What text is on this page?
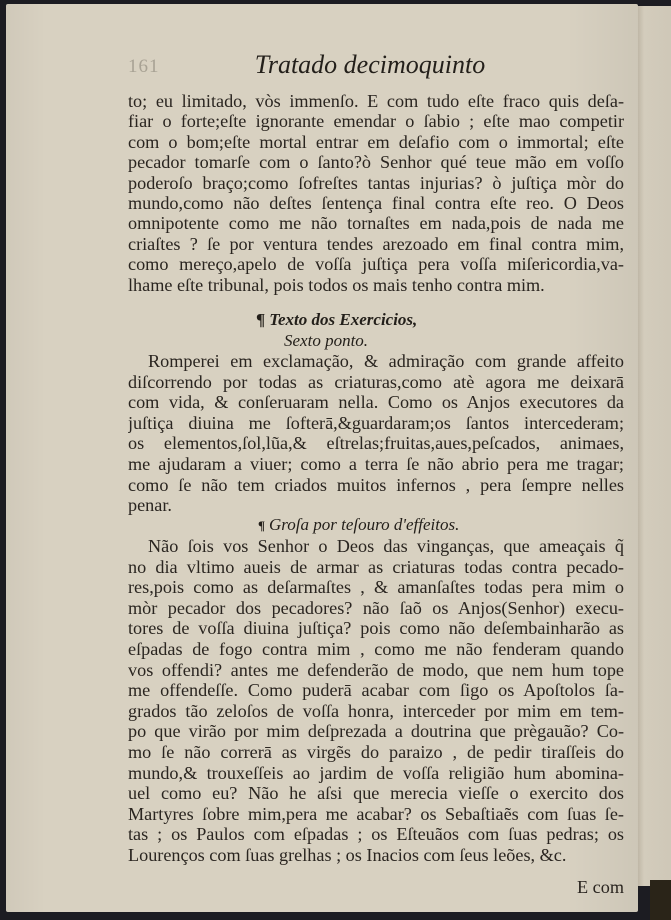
161	Tratado decimoquinto
to; eu limitado, vòs immenſo. E com tudo eſte fraco quis deſa-
fiar o forte;eſte ignorante emendar o ſabio ; eſte mao competir
com o bom;eſte mortal entrar em deſafio com o immortal; eſte
pecador tomarſe com o ſanto?ò Senhor qué teue mão em voſſo
poderoſo braço;como ſofreſtes tantas injurias? ò juſtiça mòr do
mundo,como não deſtes ſentença final contra eſte reo. O Deos
omnipotente como me não tornaſtes em nada,pois de nada me
criaſtes ? ſe por ventura tendes arezoado em final contra mim,
como mereço,apelo de voſſa juſtiça pera voſſa miſericordia,va-
lhame eſte tribunal, pois todos os mais tenho contra mim.
¶ Texto dos Exercicios,
Sexto ponto.
Romperei em exclamação, & admiração com grande affeito
diſcorrendo por todas as criaturas,como atè agora me deixarā
com vida, & conſeruaram nella. Como os Anjos executores da
juſtiça diuina me ſofterā,&guardaram;os ſantos intercederam;
os elementos,ſol,lũa,& eſtrelas;fruitas,aues,peſcados, animaes,
me ajudaram a viuer; como a terra ſe não abrio pera me tragar;
como ſe não tem criados muitos infernos , pera ſempre nelles
penar.
¶ Groſa por teſouro d'effeitos.
Não ſois vos Senhor o Deos das vinganças, que ameaçais q̃
no dia vltimo aueis de armar as criaturas todas contra pecado-
res,pois como as deſarmaſtes , & amanſaſtes todas pera mim o
mòr pecador dos pecadores? não ſaõ os Anjos(Senhor) execu-
tores de voſſa diuina juſtiça? pois como não deſembainharão as
eſpadas de fogo contra mim , como me não fenderam quando
vos offendi? antes me defenderão de modo, que nem hum tope
me offendeſſe. Como puderā acabar com ſigo os Apoſtolos ſa-
grados tão zeloſos de voſſa honra, interceder por mim em tem-
po que virão por mim deſprezada a doutrina que prègauão? Co-
mo ſe não correrā as virgẽs do paraizo , de pedir tiraſſeis do
mundo,& trouxeſſeis ao jardim de voſſa religião hum abomina-
uel como eu? Não he aſsi que merecia vieſſe o exercito dos
Martyres ſobre mim,pera me acabar? os Sebaſtiaẽs com ſuas ſe-
tas ; os Paulos com eſpadas ; os Eſteuãos com ſuas pedras; os
Lourenços com ſuas grelhas ; os Inacios com ſeus leões, &c.
E com
